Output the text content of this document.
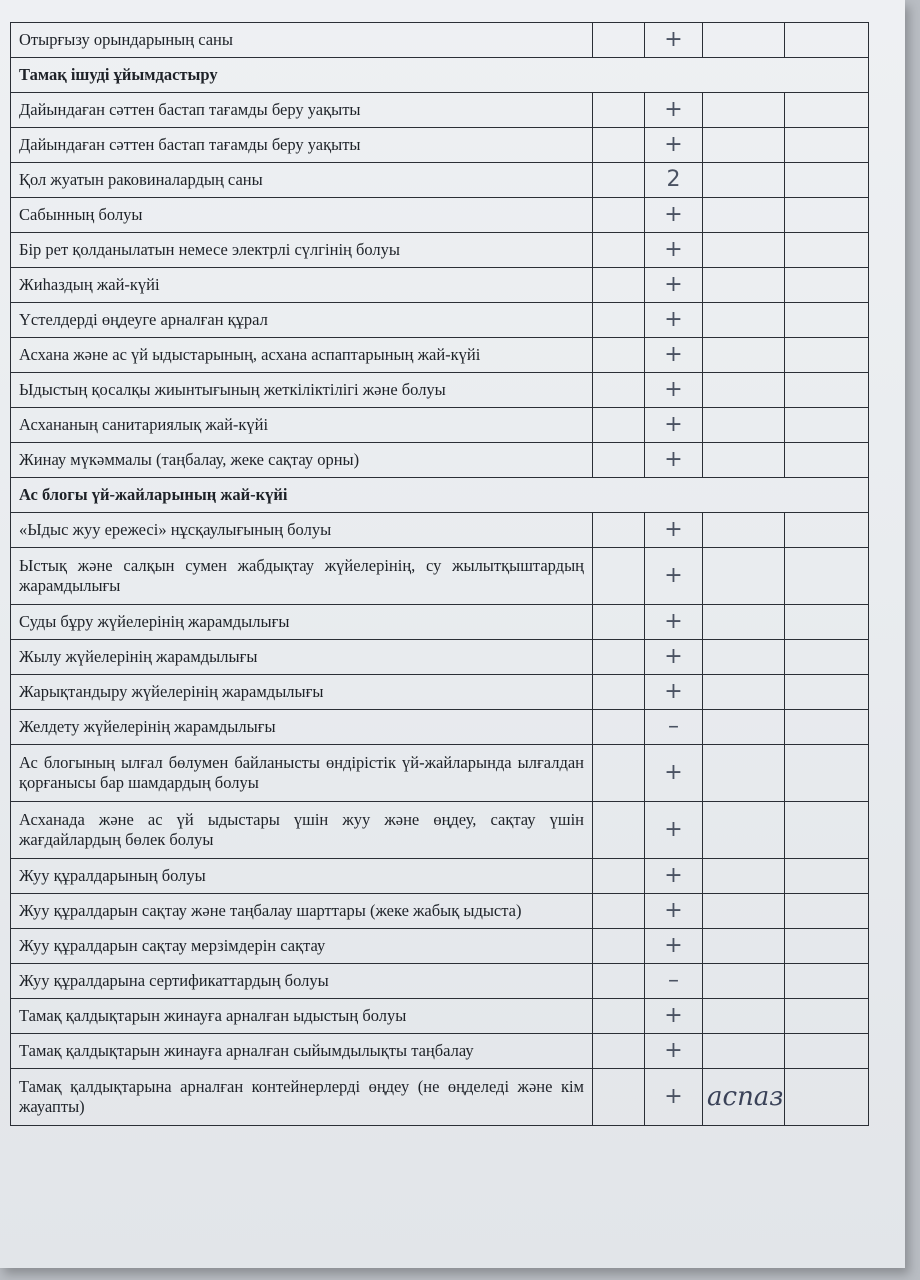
Отырғызу орындарының саны		+		
Тамақ ішуді ұйымдастыру				
Дайындаған сәттен бастап тағамды беру уақыты		+		
Дайындаған сәттен бастап тағамды беру уақыты		+		
Қол жуатын раковиналардың саны		2		
Сабынның болуы		+		
Бір рет қолданылатын немесе электрлі сүлгінің болуы		+		
Жиһаздың жай-күйі		+		
Үстелдерді өңдеуге арналған құрал		+		
Асхана және ас үй ыдыстарының, асхана аспаптарының жай-күйі		+		
Ыдыстың қосалқы жиынтығының жеткіліктілігі және болуы		+		
Асхананың санитариялық жай-күйі		+		
Жинау мүкәммалы (таңбалау, жеке сақтау орны)		+		
Ас блогы үй-жайларының жай-күйі				
«Ыдыс жуу ережесі» нұсқаулығының болуы		+		
Ыстық және салқын сумен жабдықтау жүйелерінің, су жылытқыштардың жарамдылығы		+		
Суды бұру жүйелерінің жарамдылығы		+		
Жылу жүйелерінің жарамдылығы		+		
Жарықтандыру жүйелерінің жарамдылығы		+		
Желдету жүйелерінің жарамдылығы		–		
Ас блогының ылғал бөлумен байланысты өндірістік үй-жайларында ылғалдан қорғанысы бар шамдардың болуы		+		
Асханада және ас үй ыдыстары үшін жуу және өңдеу, сақтау үшін жағдайлардың бөлек болуы		+		
Жуу құралдарының болуы		+		
Жуу құралдарын сақтау және таңбалау шарттары (жеке жабық ыдыста)		+		
Жуу құралдарын сақтау мерзімдерін сақтау		+		
Жуу құралдарына сертификаттардың болуы		–		
Тамақ қалдықтарын жинауға арналған ыдыстың болуы		+		
Тамақ қалдықтарын жинауға арналған сыйымдылықты таңбалау		+		
Тамақ қалдықтарына арналған контейнерлерді өңдеу (не өңделеді және кім жауапты)		+	аспаз	
